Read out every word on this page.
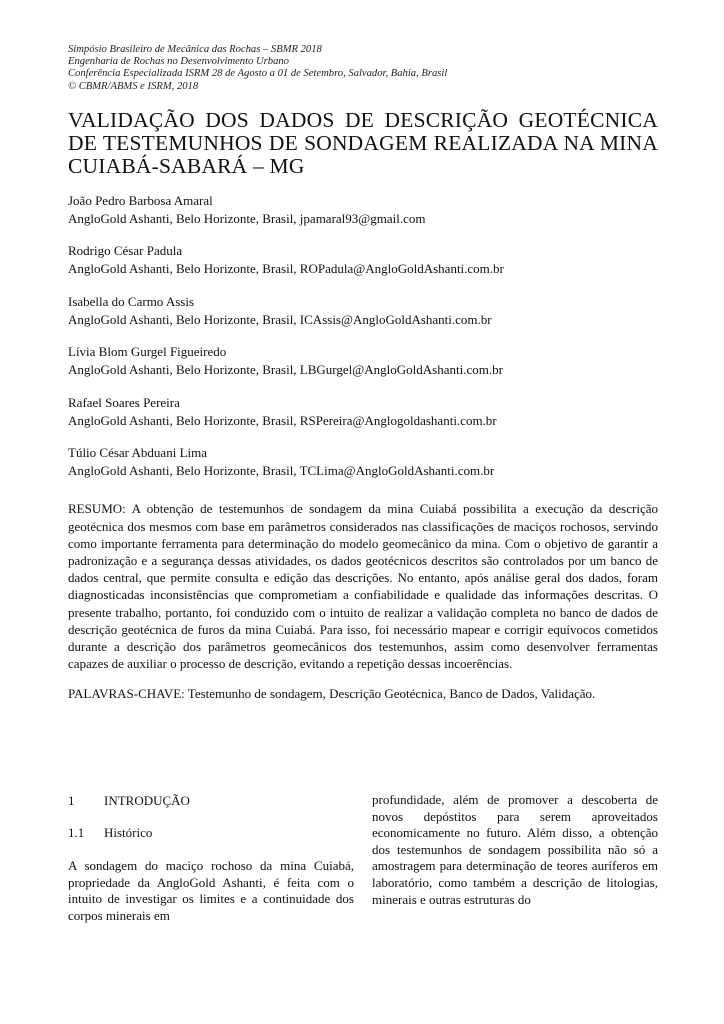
Simpósio Brasileiro de Mecânica das Rochas – SBMR 2018

Engenharia de Rochas no Desenvolvimento Urbano

Conferência Especializada ISRM 28 de Agosto a 01 de Setembro, Salvador, Bahia, Brasil

© CBMR/ABMS e ISRM, 2018

VALIDAÇÃO DOS DADOS DE DESCRIÇÃO GEOTÉCNICA DE TESTEMUNHOS DE SONDAGEM REALIZADA NA MINA CUIABÁ-SABARÁ – MG
João Pedro Barbosa Amaral
AngloGold Ashanti, Belo Horizonte, Brasil, jpamaral93@gmail.com
Rodrigo César Padula
AngloGold Ashanti, Belo Horizonte, Brasil, ROPadula@AngloGoldAshanti.com.br
Isabella do Carmo Assis
AngloGold Ashanti, Belo Horizonte, Brasil, ICAssis@AngloGoldAshanti.com.br
Lívia Blom Gurgel Figueiredo
AngloGold Ashanti, Belo Horizonte, Brasil, LBGurgel@AngloGoldAshanti.com.br
Rafael Soares Pereira
AngloGold Ashanti, Belo Horizonte, Brasil, RSPereira@Anglogoldashanti.com.br
Túlio César Abduani Lima
AngloGold Ashanti, Belo Horizonte, Brasil, TCLima@AngloGoldAshanti.com.br
RESUMO: A obtenção de testemunhos de sondagem da mina Cuiabá possibilita a execução da descrição geotécnica dos mesmos com base em parâmetros considerados nas classificações de maciços rochosos, servindo como importante ferramenta para determinação do modelo geomecânico da mina. Com o objetivo de garantir a padronização e a segurança dessas atividades, os dados geotécnicos descritos são controlados por um banco de dados central, que permite consulta e edição das descrições. No entanto, após análise geral dos dados, foram diagnosticadas inconsistências que comprometiam a confiabilidade e qualidade das informações descritas. O presente trabalho, portanto, foi conduzido com o intuito de realizar a validação completa no banco de dados de descrição geotécnica de furos da mina Cuiabá. Para isso, foi necessário mapear e corrigir equívocos cometidos durante a descrição dos parâmetros geomecânicos dos testemunhos, assim como desenvolver ferramentas capazes de auxiliar o processo de descrição, evitando a repetição dessas incoerências.
PALAVRAS-CHAVE: Testemunho de sondagem, Descrição Geotécnica, Banco de Dados, Validação.
1 INTRODUÇÃO
1.1 Histórico
A sondagem do maciço rochoso da mina Cuiabá, propriedade da AngloGold Ashanti, é feita com o intuito de investigar os limites e a continuidade dos corpos minerais em
profundidade, além de promover a descoberta de novos depóstitos para serem aproveitados economicamente no futuro. Além disso, a obtenção dos testemunhos de sondagem possibilita não só a amostragem para determinação de teores auríferos em laboratório, como também a descrição de litologias, minerais e outras estruturas do
